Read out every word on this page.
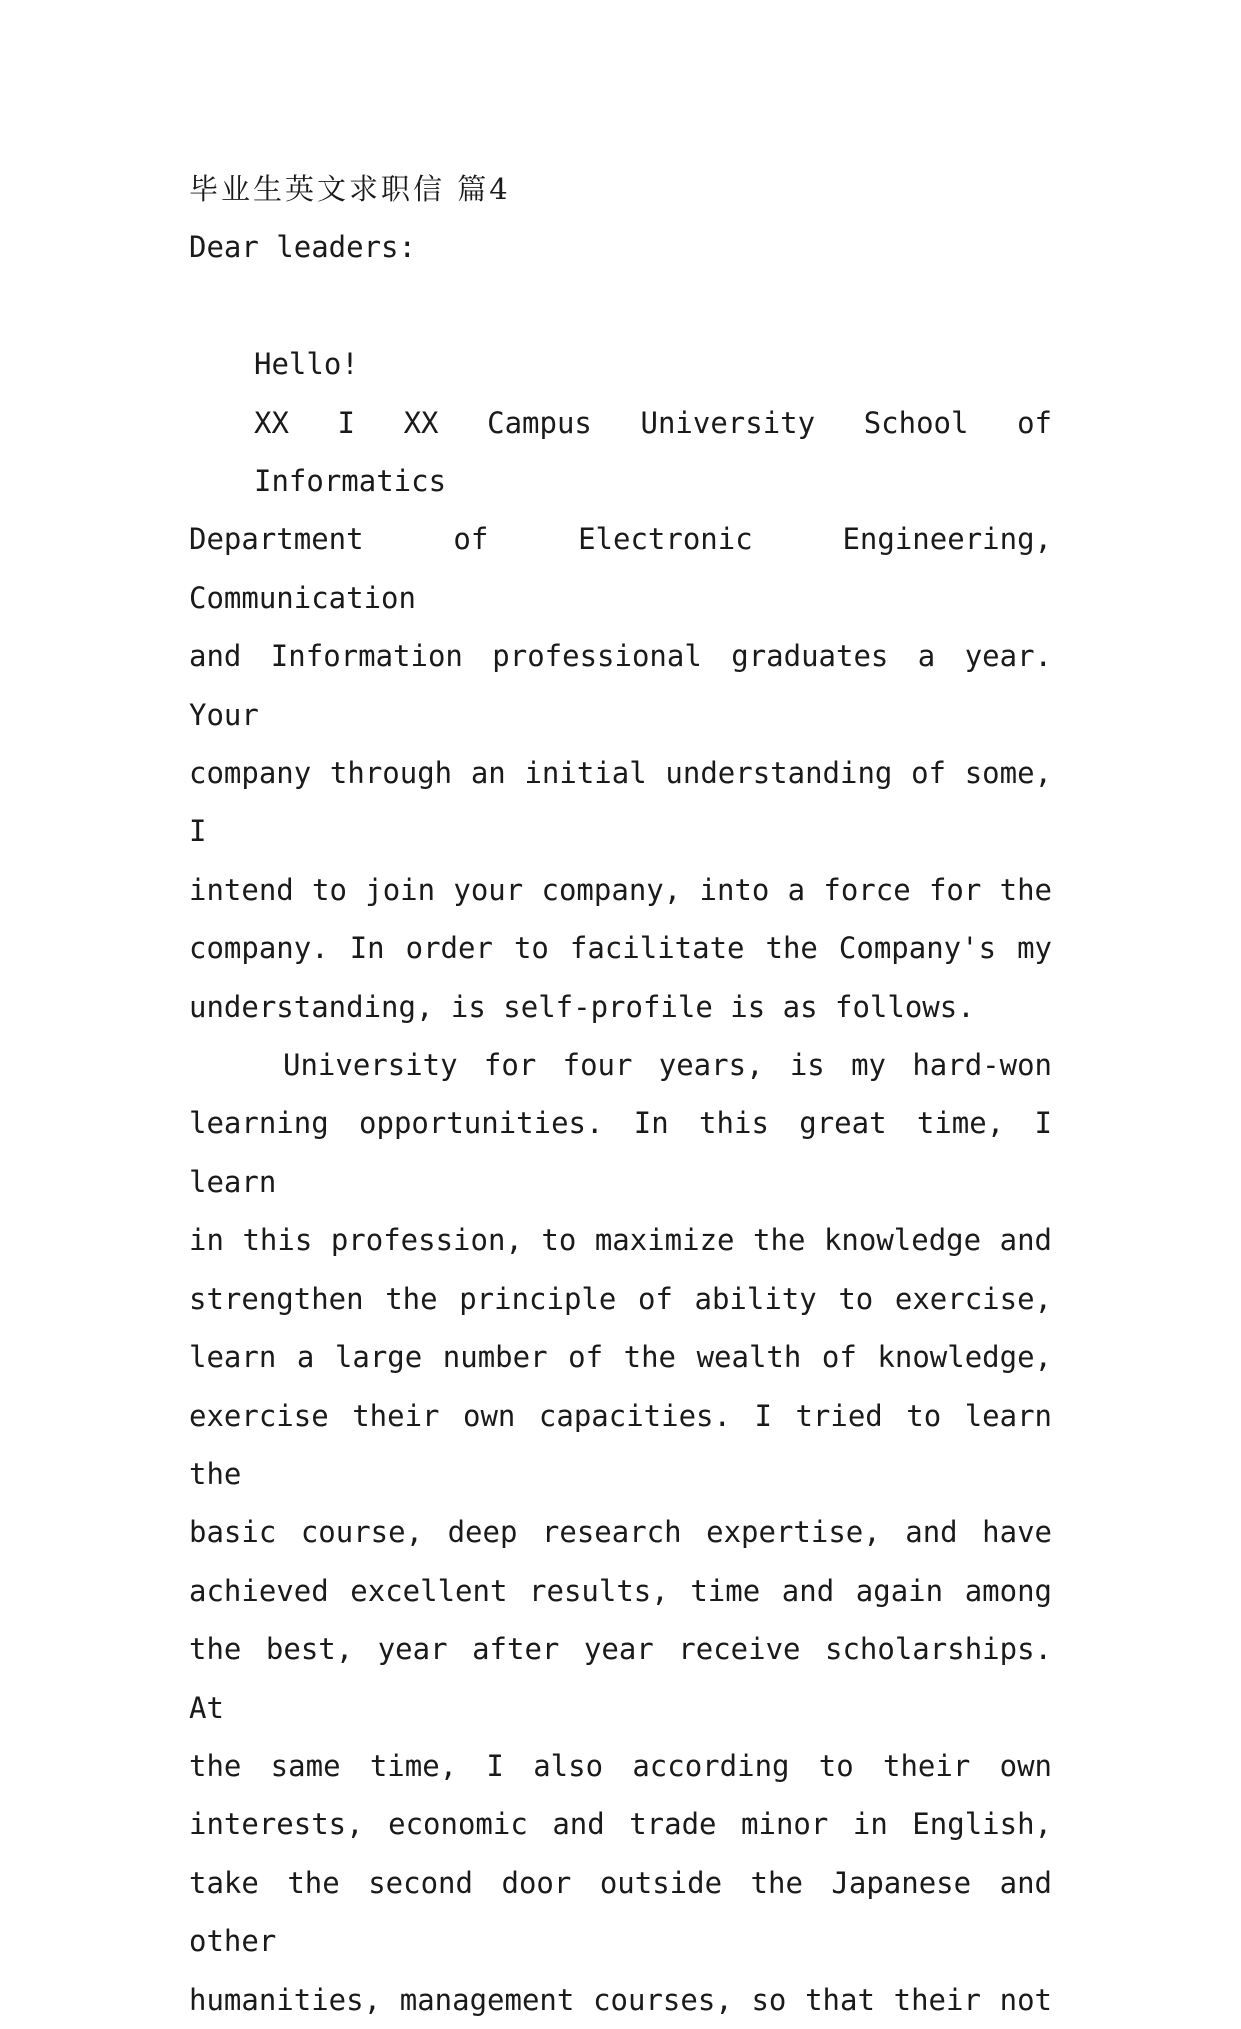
毕业生英文求职信 篇4

Dear leaders:

Hello!

XX I XX Campus University School of Informatics
Department of Electronic Engineering, Communication
and Information professional graduates a year. Your
company through an initial understanding of some, I
intend to join your company, into a force for the
company. In order to facilitate the Company's my
understanding, is self-profile is as follows.
University for four years, is my hard-won
learning opportunities. In this great time, I learn
in this profession, to maximize the knowledge and
strengthen the principle of ability to exercise,
learn a large number of the wealth of knowledge,
exercise their own capacities. I tried to learn the
basic course, deep research expertise, and have
achieved excellent results, time and again among
the best, year after year receive scholarships. At
the same time, I also according to their own
interests, economic and trade minor in English,
take the second door outside the Japanese and other
humanities, management courses, so that their not
